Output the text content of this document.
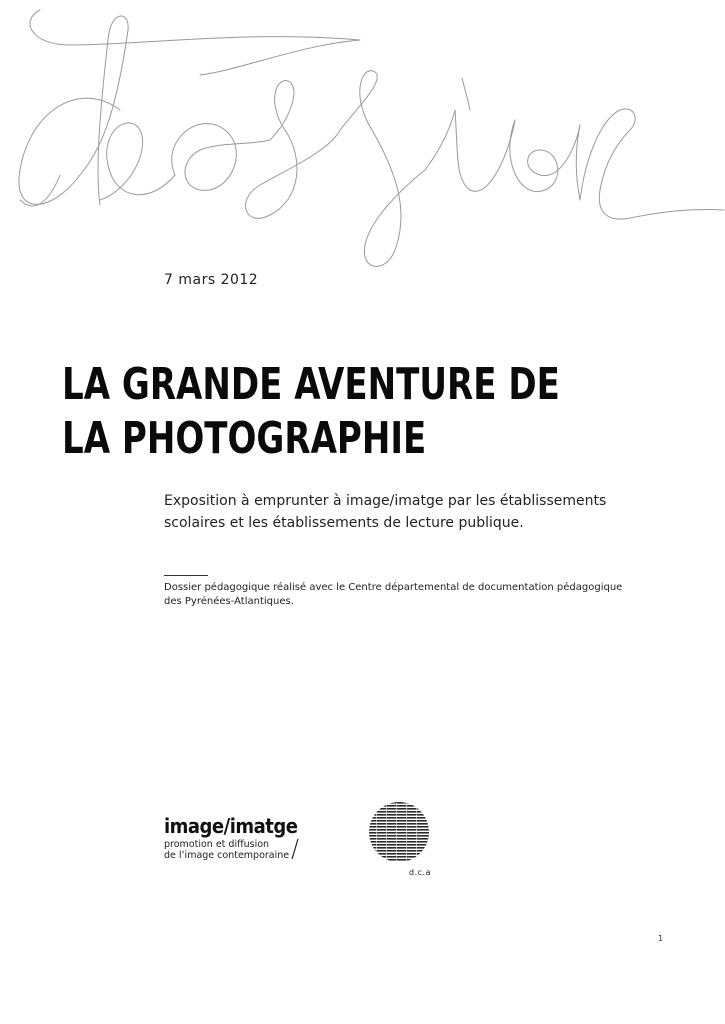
7 mars 2012
LA GRANDE AVENTURE DE
LA PHOTOGRAPHIE
Exposition à emprunter à image/imatge par les établissements
scolaires et les établissements de lecture publique.
Dossier pédagogique réalisé avec le Centre départemental de documentation pédagogique
des Pyrénées-Atlantiques.
image/imatge
promotion et diffusion
de l’image contemporaine
d.c.a
1
